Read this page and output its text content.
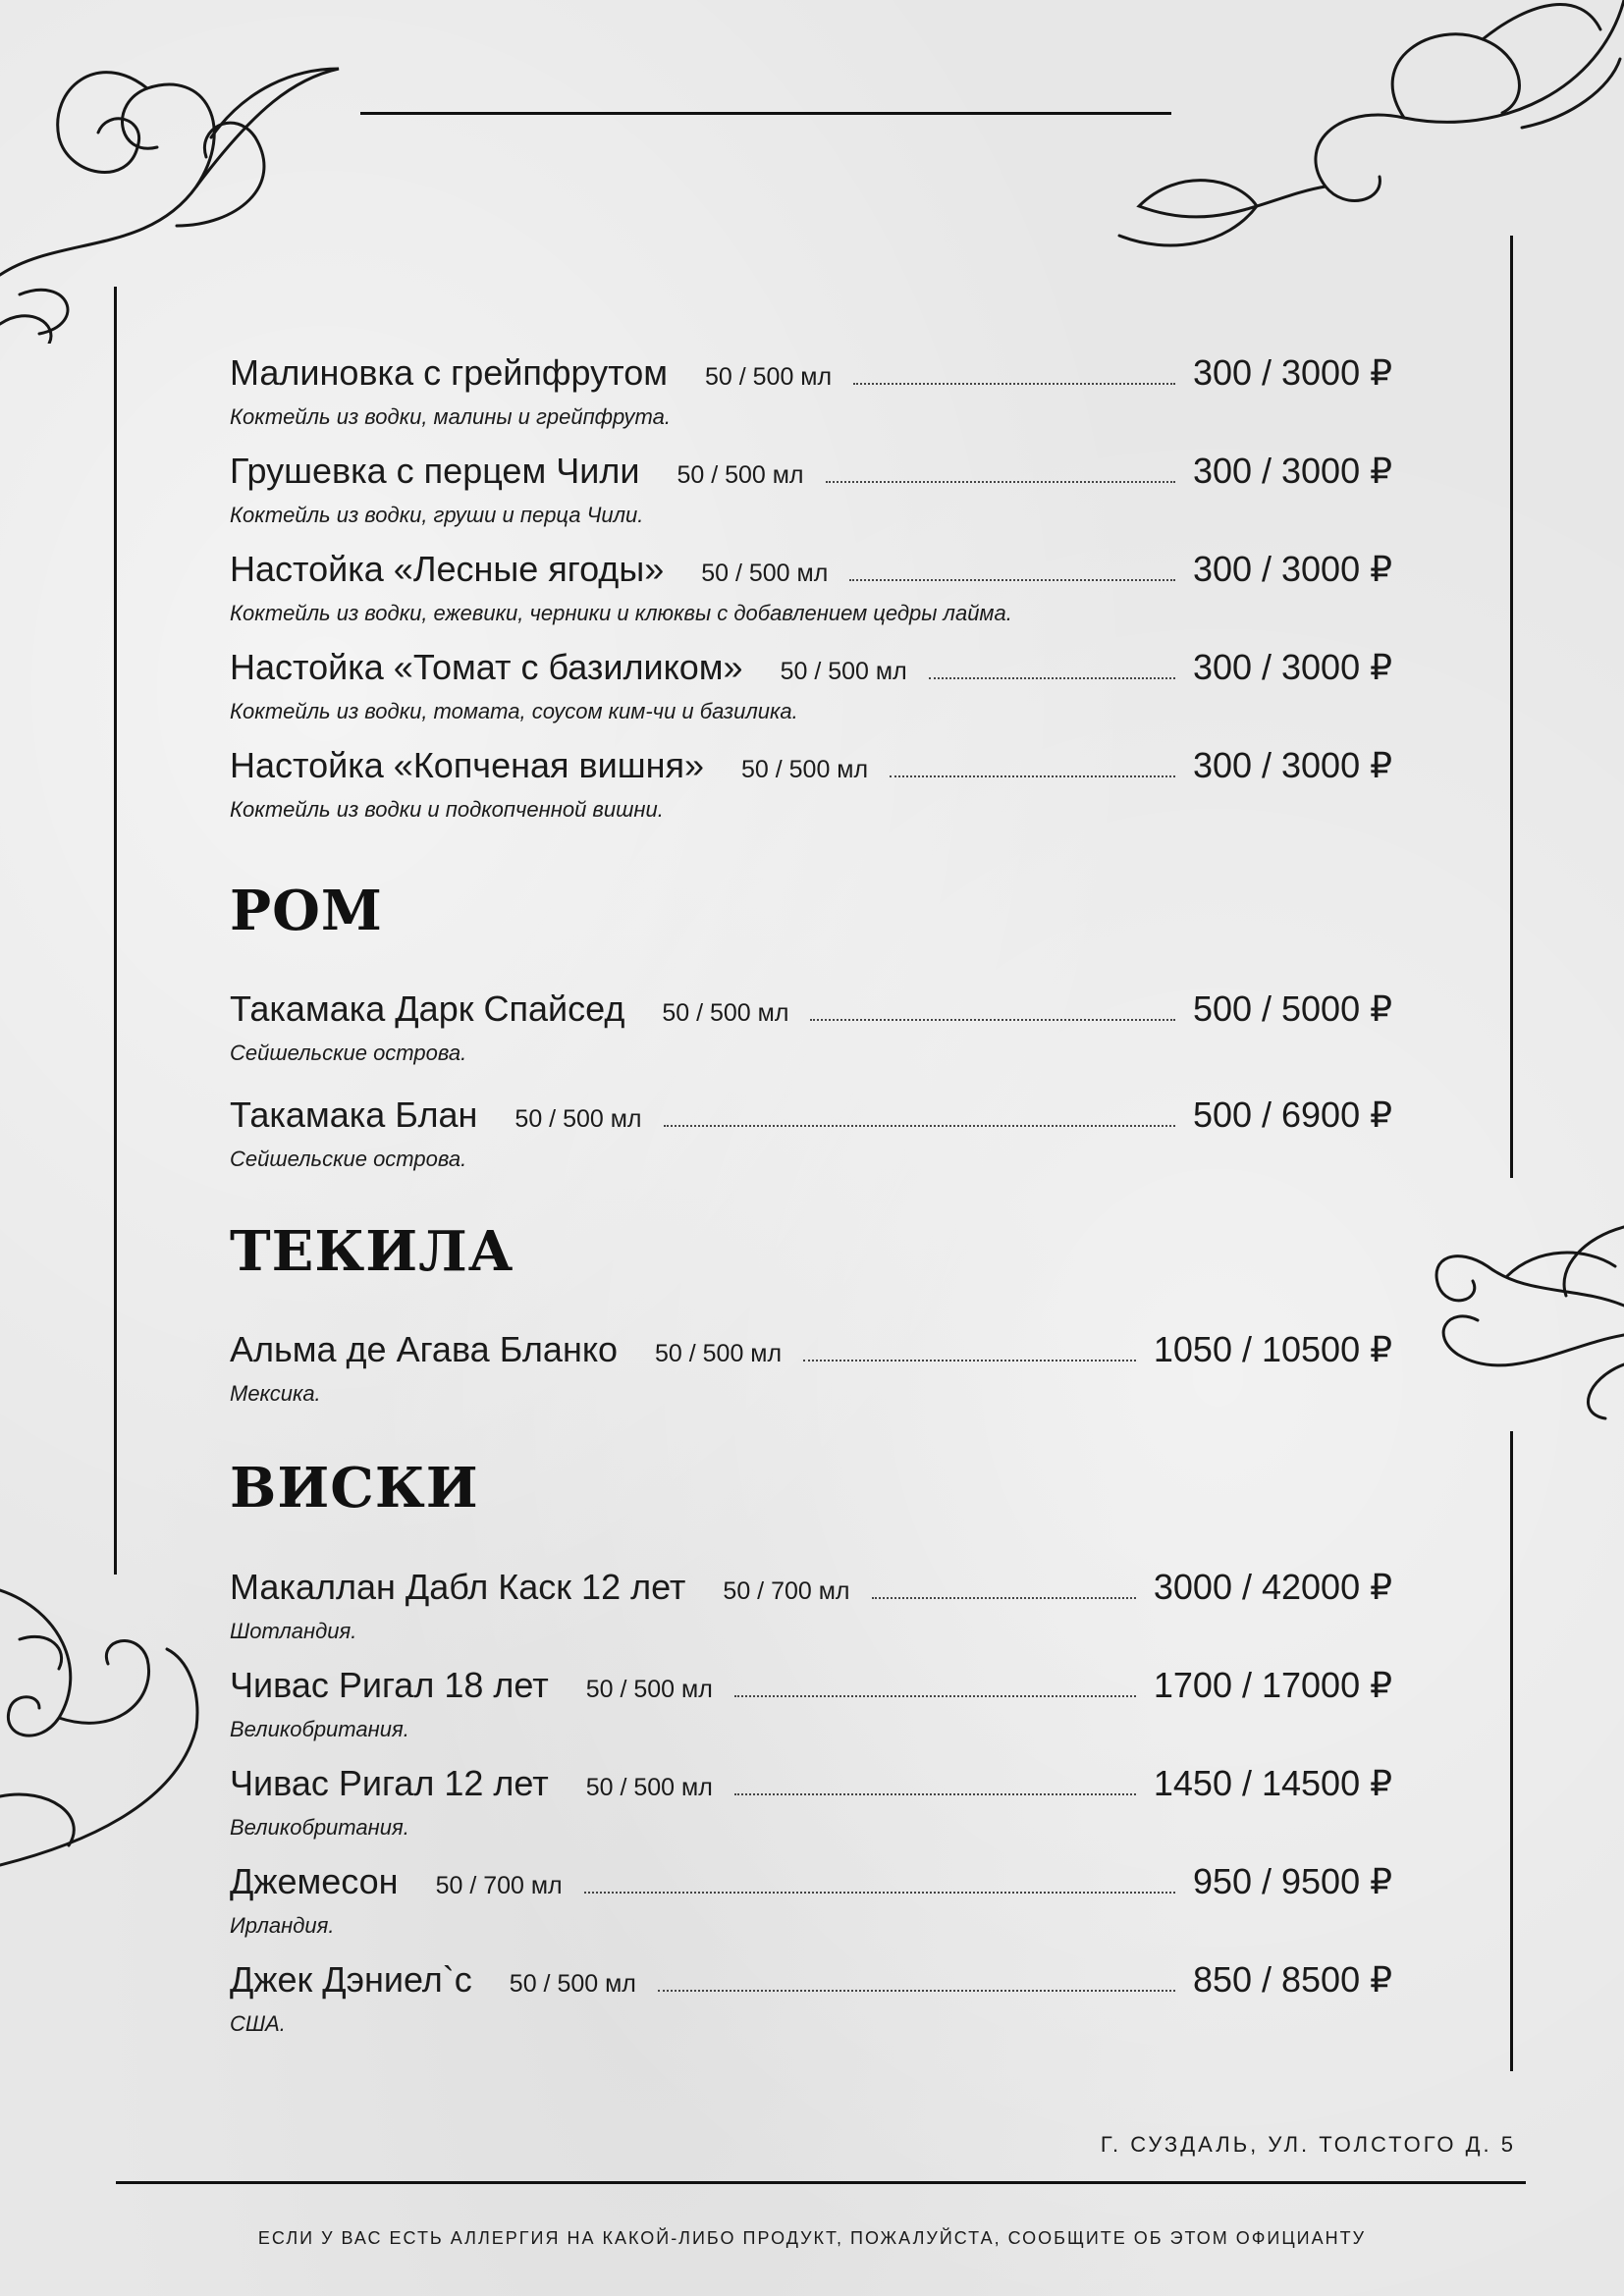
РОМ
ТЕКИЛА
ВИСКИ
Малиновка с грейпфрутом 50 / 500 мл	300 / 3000 ₽
Коктейль из водки, малины и грейпфрута.
Грушевка с перцем Чили 50 / 500 мл	300 / 3000 ₽
Коктейль из водки, груши и перца Чили.
Настойка «Лесные ягоды» 50 / 500 мл	300 / 3000 ₽
Коктейль из водки, ежевики, черники и клюквы с добавлением цедры лайма.
Настойка «Томат с базиликом» 50 / 500 мл	300 / 3000 ₽
Коктейль из водки, томата, соусом ким-чи и базилика.
Настойка «Копченая вишня» 50 / 500 мл	300 / 3000 ₽
Коктейль из водки и подкопченной вишни.
Такамака Дарк Спайсед 50 / 500 мл	500 / 5000 ₽
Сейшельские острова.
Такамака Блан 50 / 500 мл	500 / 6900 ₽
Сейшельские острова.
Альма де Агава Бланко 50 / 500 мл	1050 / 10500 ₽
Мексика.
Макаллан Дабл Каск 12 лет 50 / 700 мл	3000 / 42000 ₽
Шотландия.
Чивас Ригал 18 лет 50 / 500 мл	1700 / 17000 ₽
Великобритания.
Чивас Ригал 12 лет 50 / 500 мл	1450 / 14500 ₽
Великобритания.
Джемесон 50 / 700 мл	950 / 9500 ₽
Ирландия.
Джек Дэниел`с 50 / 500 мл	850 / 8500 ₽
США.
Г. СУЗДАЛЬ, УЛ. ТОЛСТОГО Д. 5
ЕСЛИ У ВАС ЕСТЬ АЛЛЕРГИЯ НА КАКОЙ-ЛИБО ПРОДУКТ, ПОЖАЛУЙСТА, СООБЩИТЕ ОБ ЭТОМ ОФИЦИАНТУ
